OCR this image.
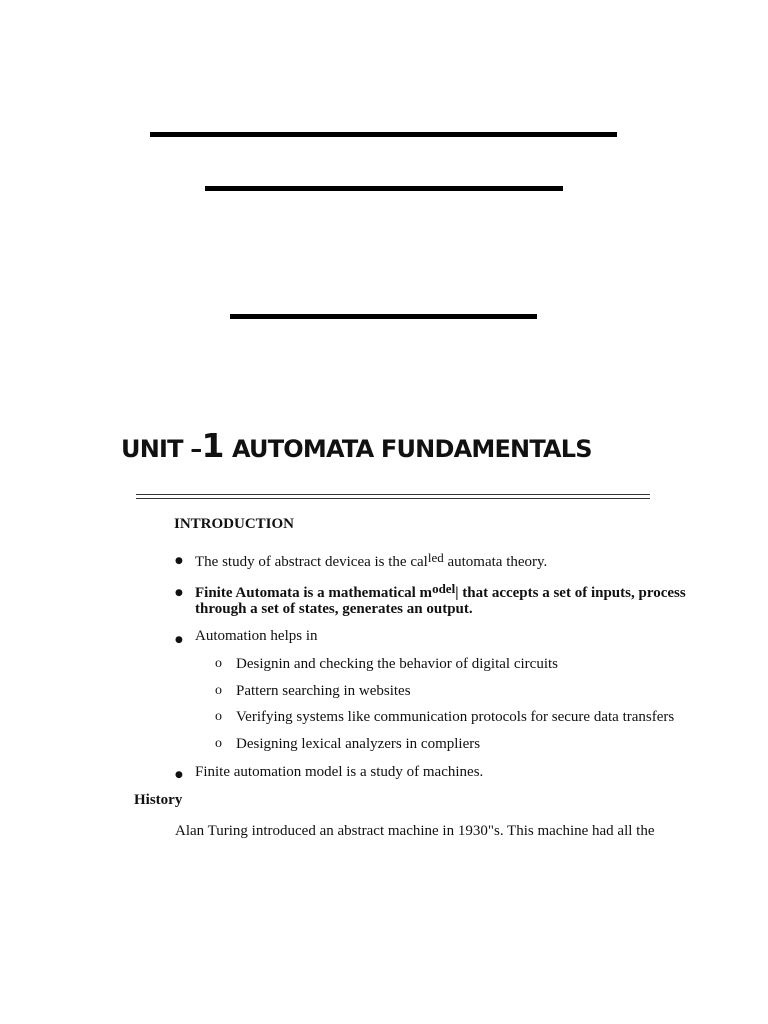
UNIT –1 AUTOMATA FUNDAMENTALS
INTRODUCTION
● The study of abstract devicea is the called automata theory.
● Finite Automata is a mathematical model| that accepts a set of inputs, process
through a set of states, generates an output.
● Automation helps in
o Designin and checking the behavior of digital circuits
o Pattern searching in websites
o Verifying systems like communication protocols for secure data transfers
o Designing lexical analyzers in compliers
● Finite automation model is a study of machines.
History
Alan Turing introduced an abstract machine in 1930"s. This machine had all the
